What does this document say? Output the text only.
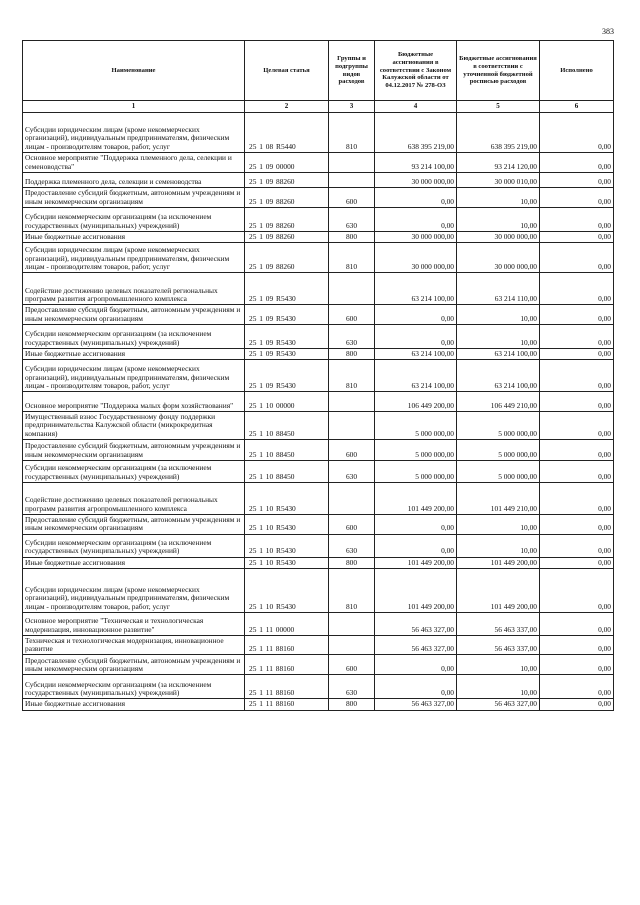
383
Наименование	Целевая статья	Группы и подгруппы видов расходов	Бюджетные ассигнования в соответствии с Законом Калужской области от 04.12.2017 № 278-ОЗ	Бюджетные ассигнования в соответствии с уточненной бюджетной росписью расходов	Исполнено
1	2	3	4	5	6
Субсидии юридическим лицам (кроме некоммерческих организаций), индивидуальным предпринимателям, физическим лицам - производителям товаров, работ, услуг	25 1 08 R5440	810	638 395 219,00	638 395 219,00	0,00
Основное мероприятие "Поддержка племенного дела, селекции и семеноводства"	25 1 09 00000		93 214 100,00	93 214 120,00	0,00
Поддержка племенного дела, селекции и семеноводства	25 1 09 88260		30 000 000,00	30 000 010,00	0,00
Предоставление субсидий бюджетным, автономным учреждениям и иным некоммерческим организациям	25 1 09 88260	600	0,00	10,00	0,00
Субсидии некоммерческим организациям (за исключением государственных (муниципальных) учреждений)	25 1 09 88260	630	0,00	10,00	0,00
Иные бюджетные ассигнования	25 1 09 88260	800	30 000 000,00	30 000 000,00	0,00
Субсидии юридическим лицам (кроме некоммерческих организаций), индивидуальным предпринимателям, физическим лицам - производителям товаров, работ, услуг	25 1 09 88260	810	30 000 000,00	30 000 000,00	0,00
Содействие достижению целевых показателей региональных программ развития агропромышленного комплекса	25 1 09 R5430		63 214 100,00	63 214 110,00	0,00
Предоставление субсидий бюджетным, автономным учреждениям и иным некоммерческим организациям	25 1 09 R5430	600	0,00	10,00	0,00
Субсидии некоммерческим организациям (за исключением государственных (муниципальных) учреждений)	25 1 09 R5430	630	0,00	10,00	0,00
Иные бюджетные ассигнования	25 1 09 R5430	800	63 214 100,00	63 214 100,00	0,00
Субсидии юридическим лицам (кроме некоммерческих организаций), индивидуальным предпринимателям, физическим лицам - производителям товаров, работ, услуг	25 1 09 R5430	810	63 214 100,00	63 214 100,00	0,00
Основное мероприятие "Поддержка малых форм хозяйствования"	25 1 10 00000		106 449 200,00	106 449 210,00	0,00
Имущественный взнос Государственному фонду поддержки предпринимательства Калужской области (микрокредитная компания)	25 1 10 88450		5 000 000,00	5 000 000,00	0,00
Предоставление субсидий бюджетным, автономным учреждениям и иным некоммерческим организациям	25 1 10 88450	600	5 000 000,00	5 000 000,00	0,00
Субсидии некоммерческим организациям (за исключением государственных (муниципальных) учреждений)	25 1 10 88450	630	5 000 000,00	5 000 000,00	0,00
Содействие достижению целевых показателей региональных программ развития агропромышленного комплекса	25 1 10 R5430		101 449 200,00	101 449 210,00	0,00
Предоставление субсидий бюджетным, автономным учреждениям и иным некоммерческим организациям	25 1 10 R5430	600	0,00	10,00	0,00
Субсидии некоммерческим организациям (за исключением государственных (муниципальных) учреждений)	25 1 10 R5430	630	0,00	10,00	0,00
Иные бюджетные ассигнования	25 1 10 R5430	800	101 449 200,00	101 449 200,00	0,00
Субсидии юридическим лицам (кроме некоммерческих организаций), индивидуальным предпринимателям, физическим лицам - производителям товаров, работ, услуг	25 1 10 R5430	810	101 449 200,00	101 449 200,00	0,00
Основное мероприятие "Техническая и технологическая модернизация, инновационное развитие"	25 1 11 00000		56 463 327,00	56 463 337,00	0,00
Техническая и технологическая модернизация, инновационное развитие	25 1 11 88160		56 463 327,00	56 463 337,00	0,00
Предоставление субсидий бюджетным, автономным учреждениям и иным некоммерческим организациям	25 1 11 88160	600	0,00	10,00	0,00
Субсидии некоммерческим организациям (за исключением государственных (муниципальных) учреждений)	25 1 11 88160	630	0,00	10,00	0,00
Иные бюджетные ассигнования	25 1 11 88160	800	56 463 327,00	56 463 327,00	0,00
